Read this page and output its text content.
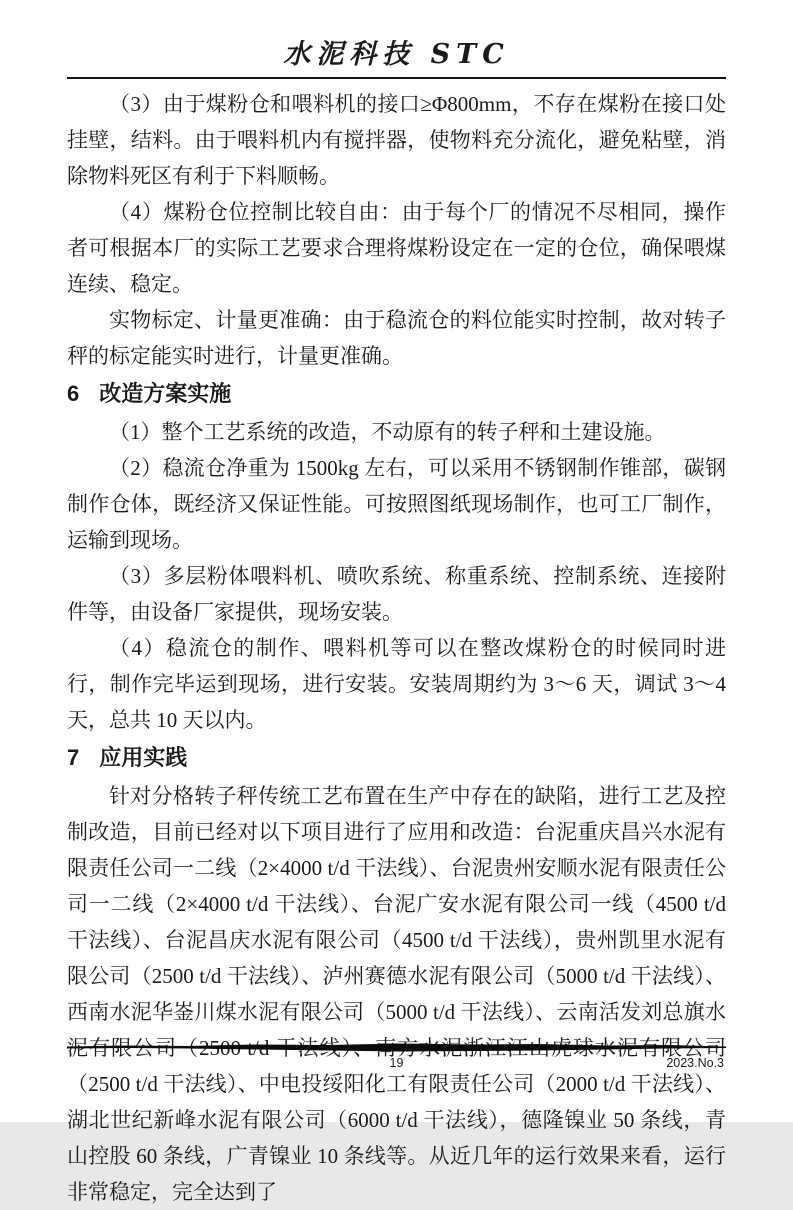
水泥科技 STC

（3）由于煤粉仓和喂料机的接口≥Φ800mm，不存在煤粉在接口处挂壁，结料。由于喂料机内有搅拌器，使物料充分流化，避免粘壁，消除物料死区有利于下料顺畅。

（4）煤粉仓位控制比较自由：由于每个厂的情况不尽相同，操作者可根据本厂的实际工艺要求合理将煤粉设定在一定的仓位，确保喂煤连续、稳定。

实物标定、计量更准确：由于稳流仓的料位能实时控制，故对转子秤的标定能实时进行，计量更准确。

6 改造方案实施

（1）整个工艺系统的改造，不动原有的转子秤和土建设施。

（2）稳流仓净重为 1500kg 左右，可以采用不锈钢制作锥部，碳钢制作仓体，既经济又保证性能。可按照图纸现场制作，也可工厂制作，运输到现场。

（3）多层粉体喂料机、喷吹系统、称重系统、控制系统、连接附件等，由设备厂家提供，现场安装。

（4）稳流仓的制作、喂料机等可以在整改煤粉仓的时候同时进行，制作完毕运到现场，进行安装。安装周期约为 3～6 天，调试 3～4 天，总共 10 天以内。

7 应用实践

针对分格转子秤传统工艺布置在生产中存在的缺陷，进行工艺及控制改造，目前已经对以下项目进行了应用和改造：台泥重庆昌兴水泥有限责任公司一二线（2×4000 t/d 干法线）、台泥贵州安顺水泥有限责任公司一二线（2×4000 t/d 干法线）、台泥广安水泥有限公司一线（4500 t/d 干法线）、台泥昌庆水泥有限公司（4500 t/d 干法线），贵州凯里水泥有限公司（2500 t/d 干法线）、泸州赛德水泥有限公司（5000 t/d 干法线）、西南水泥华崟川煤水泥有限公司（5000 t/d 干法线）、云南活发刘总旗水 （2500 t/d 干法线）、中电投绥阳化工有限责任公司（2000 t/d 干法线）、湖北世纪新峰水泥有限公司（6000 t/d 干法线），德隆镍业 50 条线，青山控股 60 条线，广青镍业 10 条线等。从近几年的运行效果来看，运行非常稳定，完全达到了

19	2023.No.3
